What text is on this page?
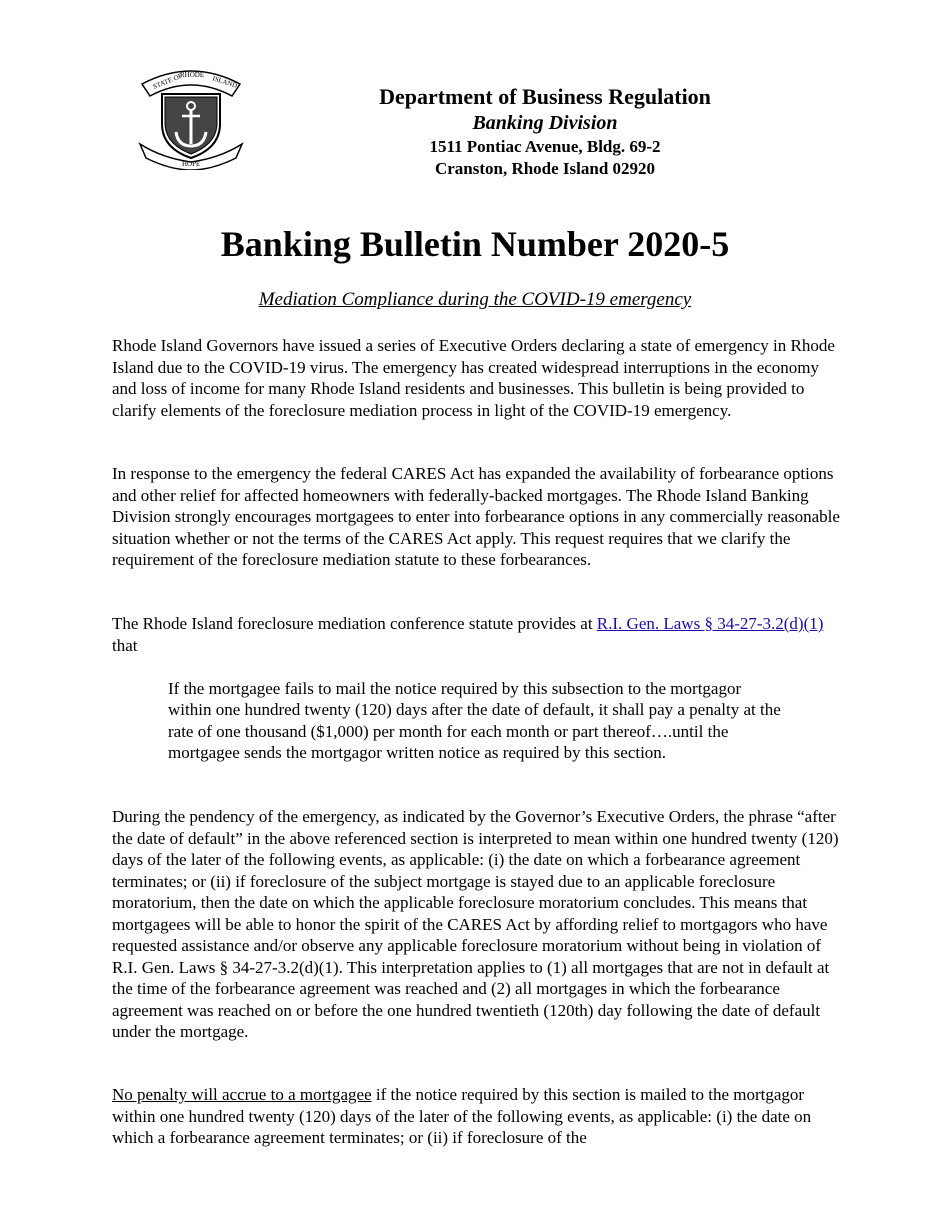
STATE OF
RHODE ISLAND
HOPE
Department of Business Regulation
Banking Division
1511 Pontiac Avenue, Bldg. 69-2
Cranston, Rhode Island 02920
Banking Bulletin Number 2020-5
Mediation Compliance during the COVID-19 emergency
Rhode Island Governors have issued a series of Executive Orders declaring a state of emergency in Rhode Island due to the COVID-19 virus. The emergency has created widespread interruptions in the economy and loss of income for many Rhode Island residents and businesses. This bulletin is being provided to clarify elements of the foreclosure mediation process in light of the COVID-19 emergency.
In response to the emergency the federal CARES Act has expanded the availability of forbearance options and other relief for affected homeowners with federally-backed mortgages. The Rhode Island Banking Division strongly encourages mortgagees to enter into forbearance options in any commercially reasonable situation whether or not the terms of the CARES Act apply. This request requires that we clarify the requirement of the foreclosure mediation statute to these forbearances.
The Rhode Island foreclosure mediation conference statute provides at R.I. Gen. Laws § 34-27-3.2(d)(1) that
If the mortgagee fails to mail the notice required by this subsection to the mortgagor within one hundred twenty (120) days after the date of default, it shall pay a penalty at the rate of one thousand ($1,000) per month for each month or part thereof….until the mortgagee sends the mortgagor written notice as required by this section.
During the pendency of the emergency, as indicated by the Governor’s Executive Orders, the phrase “after the date of default” in the above referenced section is interpreted to mean within one hundred twenty (120) days of the later of the following events, as applicable: (i) the date on which a forbearance agreement terminates; or (ii) if foreclosure of the subject mortgage is stayed due to an applicable foreclosure moratorium, then the date on which the applicable foreclosure moratorium concludes. This means that mortgagees will be able to honor the spirit of the CARES Act by affording relief to mortgagors who have requested assistance and/or observe any applicable foreclosure moratorium without being in violation of R.I. Gen. Laws § 34-27-3.2(d)(1). This interpretation applies to (1) all mortgages that are not in default at the time of the forbearance agreement was reached and (2) all mortgages in which the forbearance agreement was reached on or before the one hundred twentieth (120th) day following the date of default under the mortgage.
No penalty will accrue to a mortgagee if the notice required by this section is mailed to the mortgagor within one hundred twenty (120) days of the later of the following events, as applicable: (i) the date on which a forbearance agreement terminates; or (ii) if foreclosure of the
